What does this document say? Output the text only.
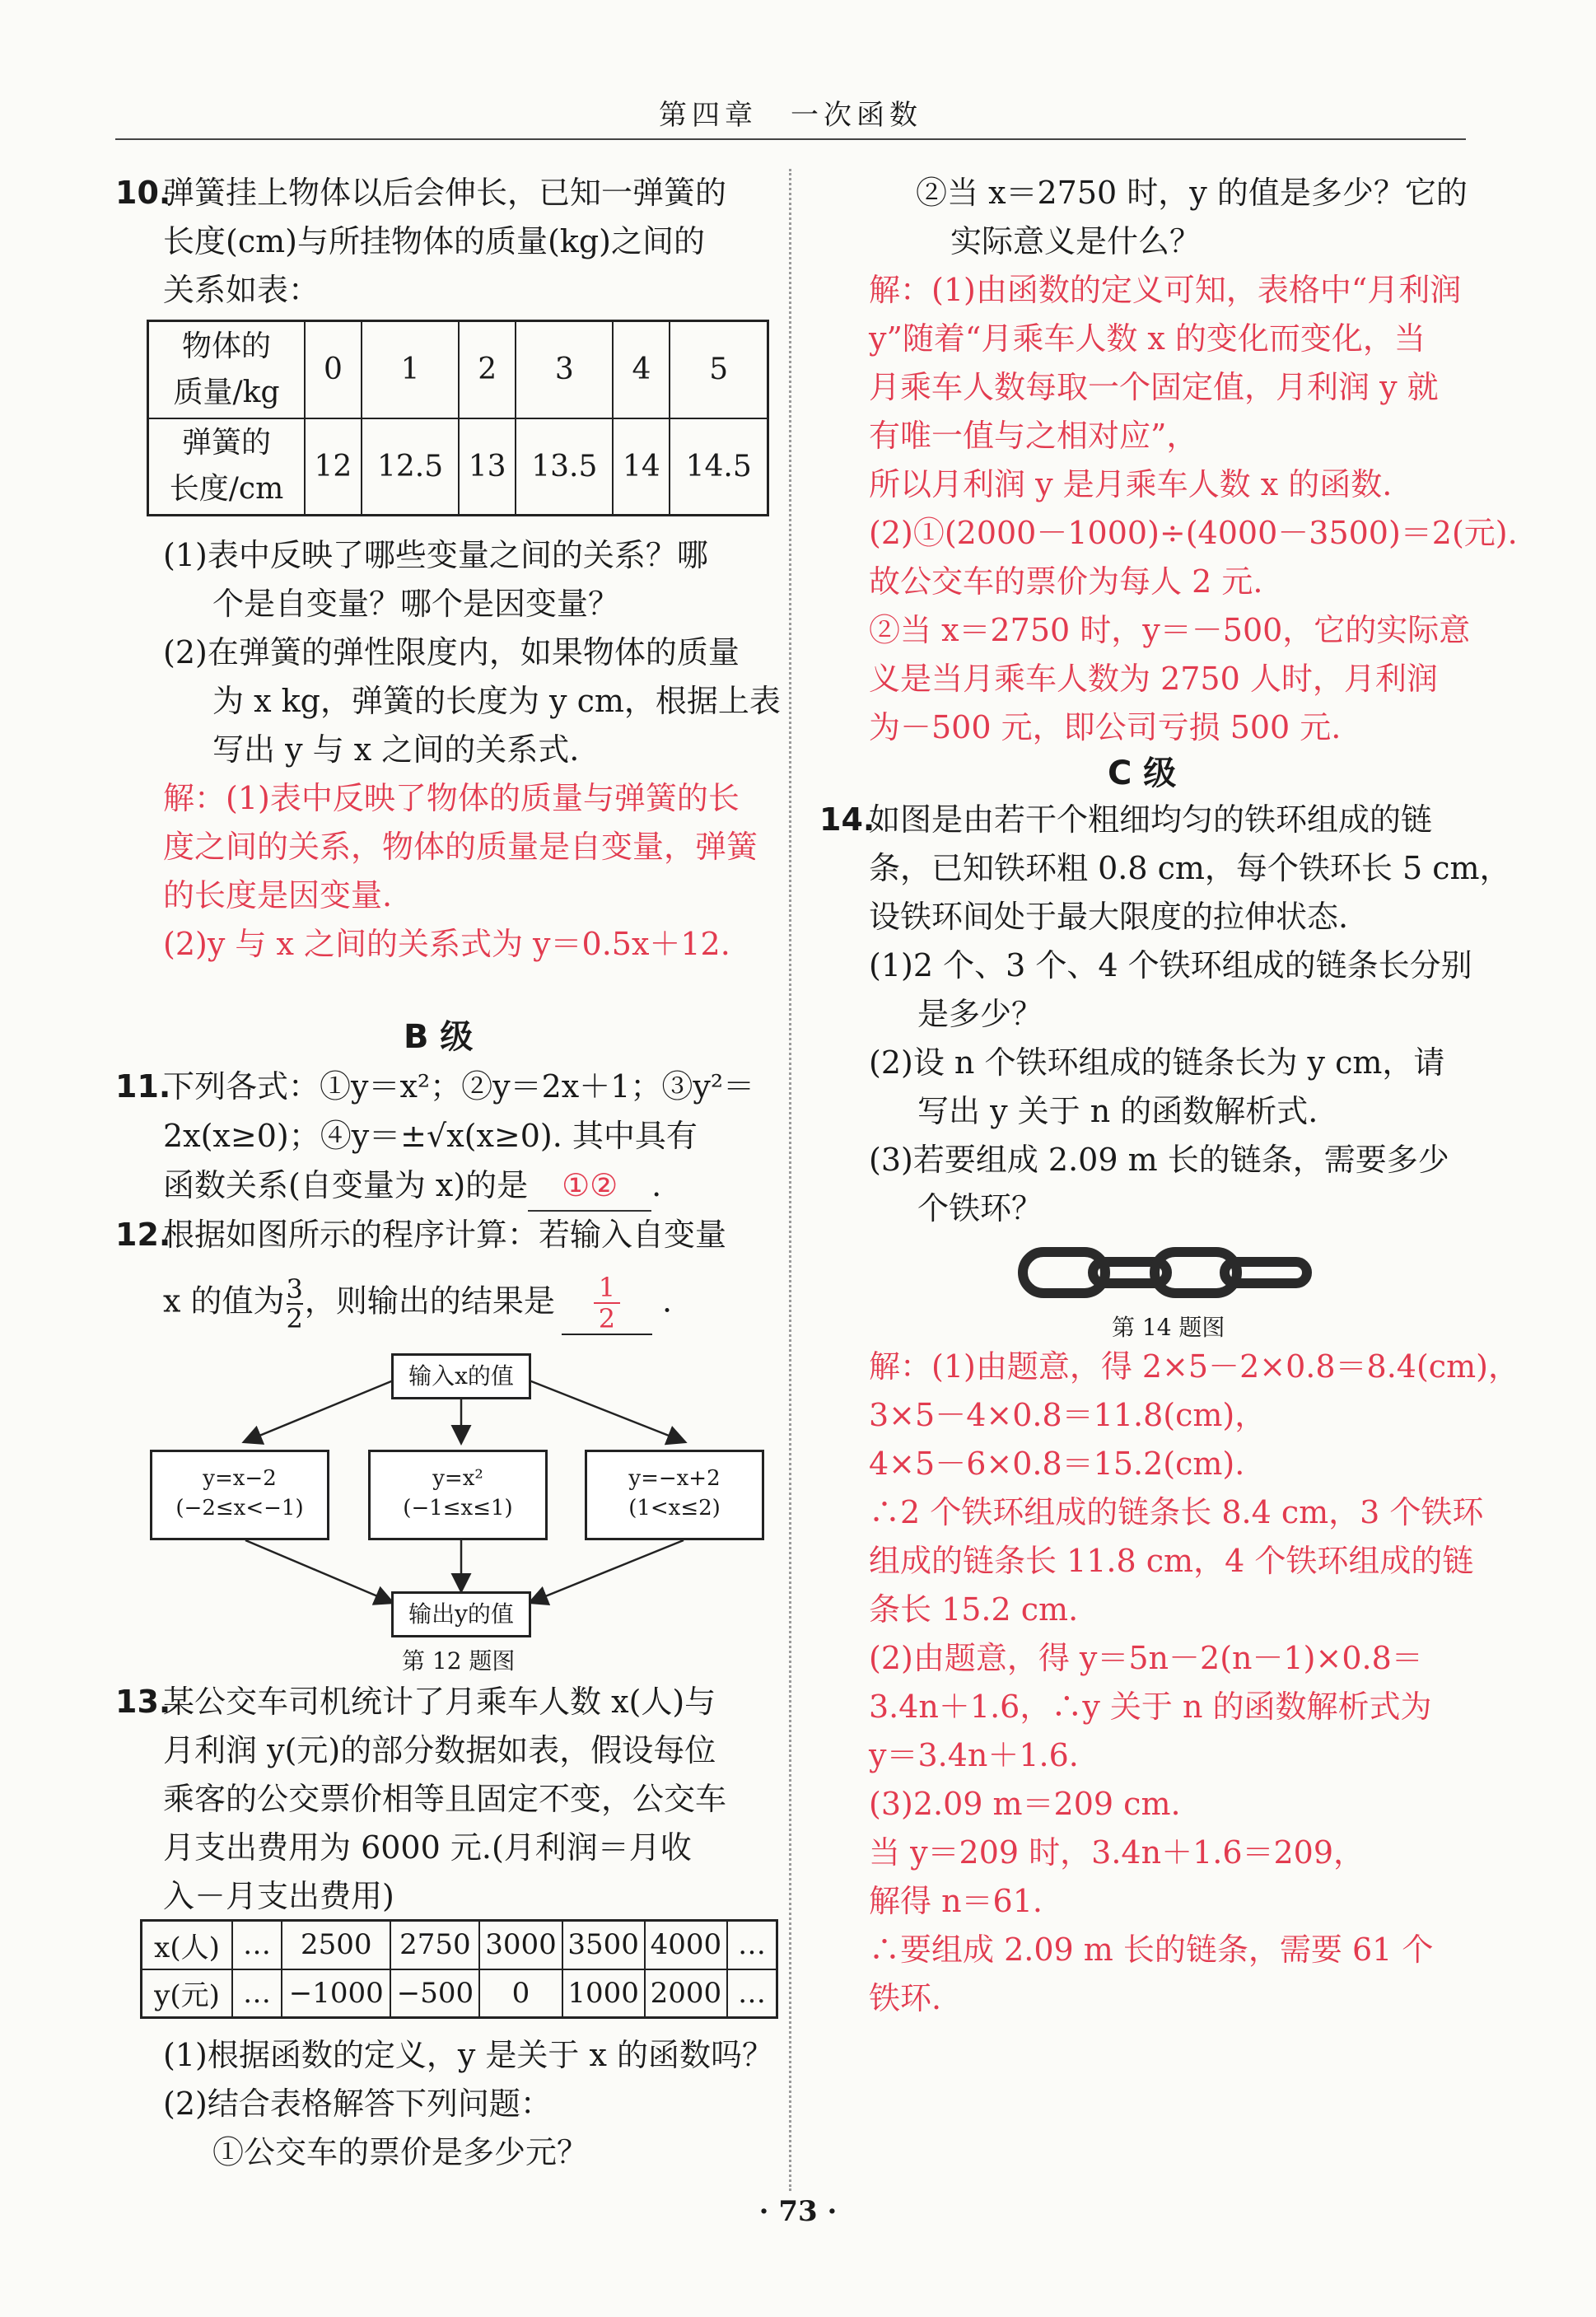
第四章　一次函数
10.
弹簧挂上物体以后会伸长，已知一弹簧的
长度(cm)与所挂物体的质量(kg)之间的
关系如表：
物体的
质量/kg	0	1	2	3	4	5
弹簧的
长度/cm	12	12.5	13	13.5	14	14.5
(1)表中反映了哪些变量之间的关系？哪
个是自变量？哪个是因变量？
(2)在弹簧的弹性限度内，如果物体的质量
为 x kg，弹簧的长度为 y cm，根据上表
写出 y 与 x 之间的关系式.
解：(1)表中反映了物体的质量与弹簧的长
度之间的关系，物体的质量是自变量，弹簧
的长度是因变量.
(2)y 与 x 之间的关系式为 y＝0.5x＋12.
B 级
11.
下列各式：①y＝x²；②y＝2x＋1；③y²＝
2x(x≥0)；④y＝±√x(x≥0). 其中具有
函数关系(自变量为 x)的是 ①② .
12.
根据如图所示的程序计算：若输入自变量
x 的值为 $\frac{3}{2}$ ，则输出的结果是 $\frac{1}{2}$ .
输入x的值
y=x−2
(−2≤x<−1)
y=x²
(−1≤x≤1)
y=−x+2
(1<x≤2)
输出y的值
第 12 题图
13.
某公交车司机统计了月乘车人数 x(人)与
月利润 y(元)的部分数据如表，假设每位
乘客的公交票价相等且固定不变，公交车
月支出费用为 6000 元.(月利润＝月收
入－月支出费用)
x(人)	…	2500	2750	3000	3500	4000	…
y(元)	…	−1000	−500	0	1000	2000	…
(1)根据函数的定义，y 是关于 x 的函数吗？
(2)结合表格解答下列问题：
①公交车的票价是多少元？
②当 x＝2750 时，y 的值是多少？它的
实际意义是什么？
解：(1)由函数的定义可知，表格中“月利润
y”随着“月乘车人数 x 的变化而变化，当
月乘车人数每取一个固定值，月利润 y 就
有唯一值与之相对应”，
所以月利润 y 是月乘车人数 x 的函数.
(2)①(2000－1000)÷(4000－3500)＝2(元).
故公交车的票价为每人 2 元.
②当 x＝2750 时，y＝－500，它的实际意
义是当月乘车人数为 2750 人时，月利润
为－500 元，即公司亏损 500 元.
C 级
14.
如图是由若干个粗细均匀的铁环组成的链
条，已知铁环粗 0.8 cm，每个铁环长 5 cm，
设铁环间处于最大限度的拉伸状态.
(1)2 个、3 个、4 个铁环组成的链条长分别
是多少？
(2)设 n 个铁环组成的链条长为 y cm，请
写出 y 关于 n 的函数解析式.
(3)若要组成 2.09 m 长的链条，需要多少
个铁环？
第 14 题图
解：(1)由题意，得 2×5－2×0.8＝8.4(cm)，
3×5－4×0.8＝11.8(cm)，
4×5－6×0.8＝15.2(cm).
∴2 个铁环组成的链条长 8.4 cm，3 个铁环
组成的链条长 11.8 cm，4 个铁环组成的链
条长 15.2 cm.
(2)由题意，得 y＝5n－2(n－1)×0.8＝
3.4n＋1.6，∴y 关于 n 的函数解析式为
y＝3.4n＋1.6.
(3)2.09 m＝209 cm.
当 y＝209 时，3.4n＋1.6＝209，
解得 n＝61.
∴要组成 2.09 m 长的链条，需要 61 个
铁环.
· 73 ·
